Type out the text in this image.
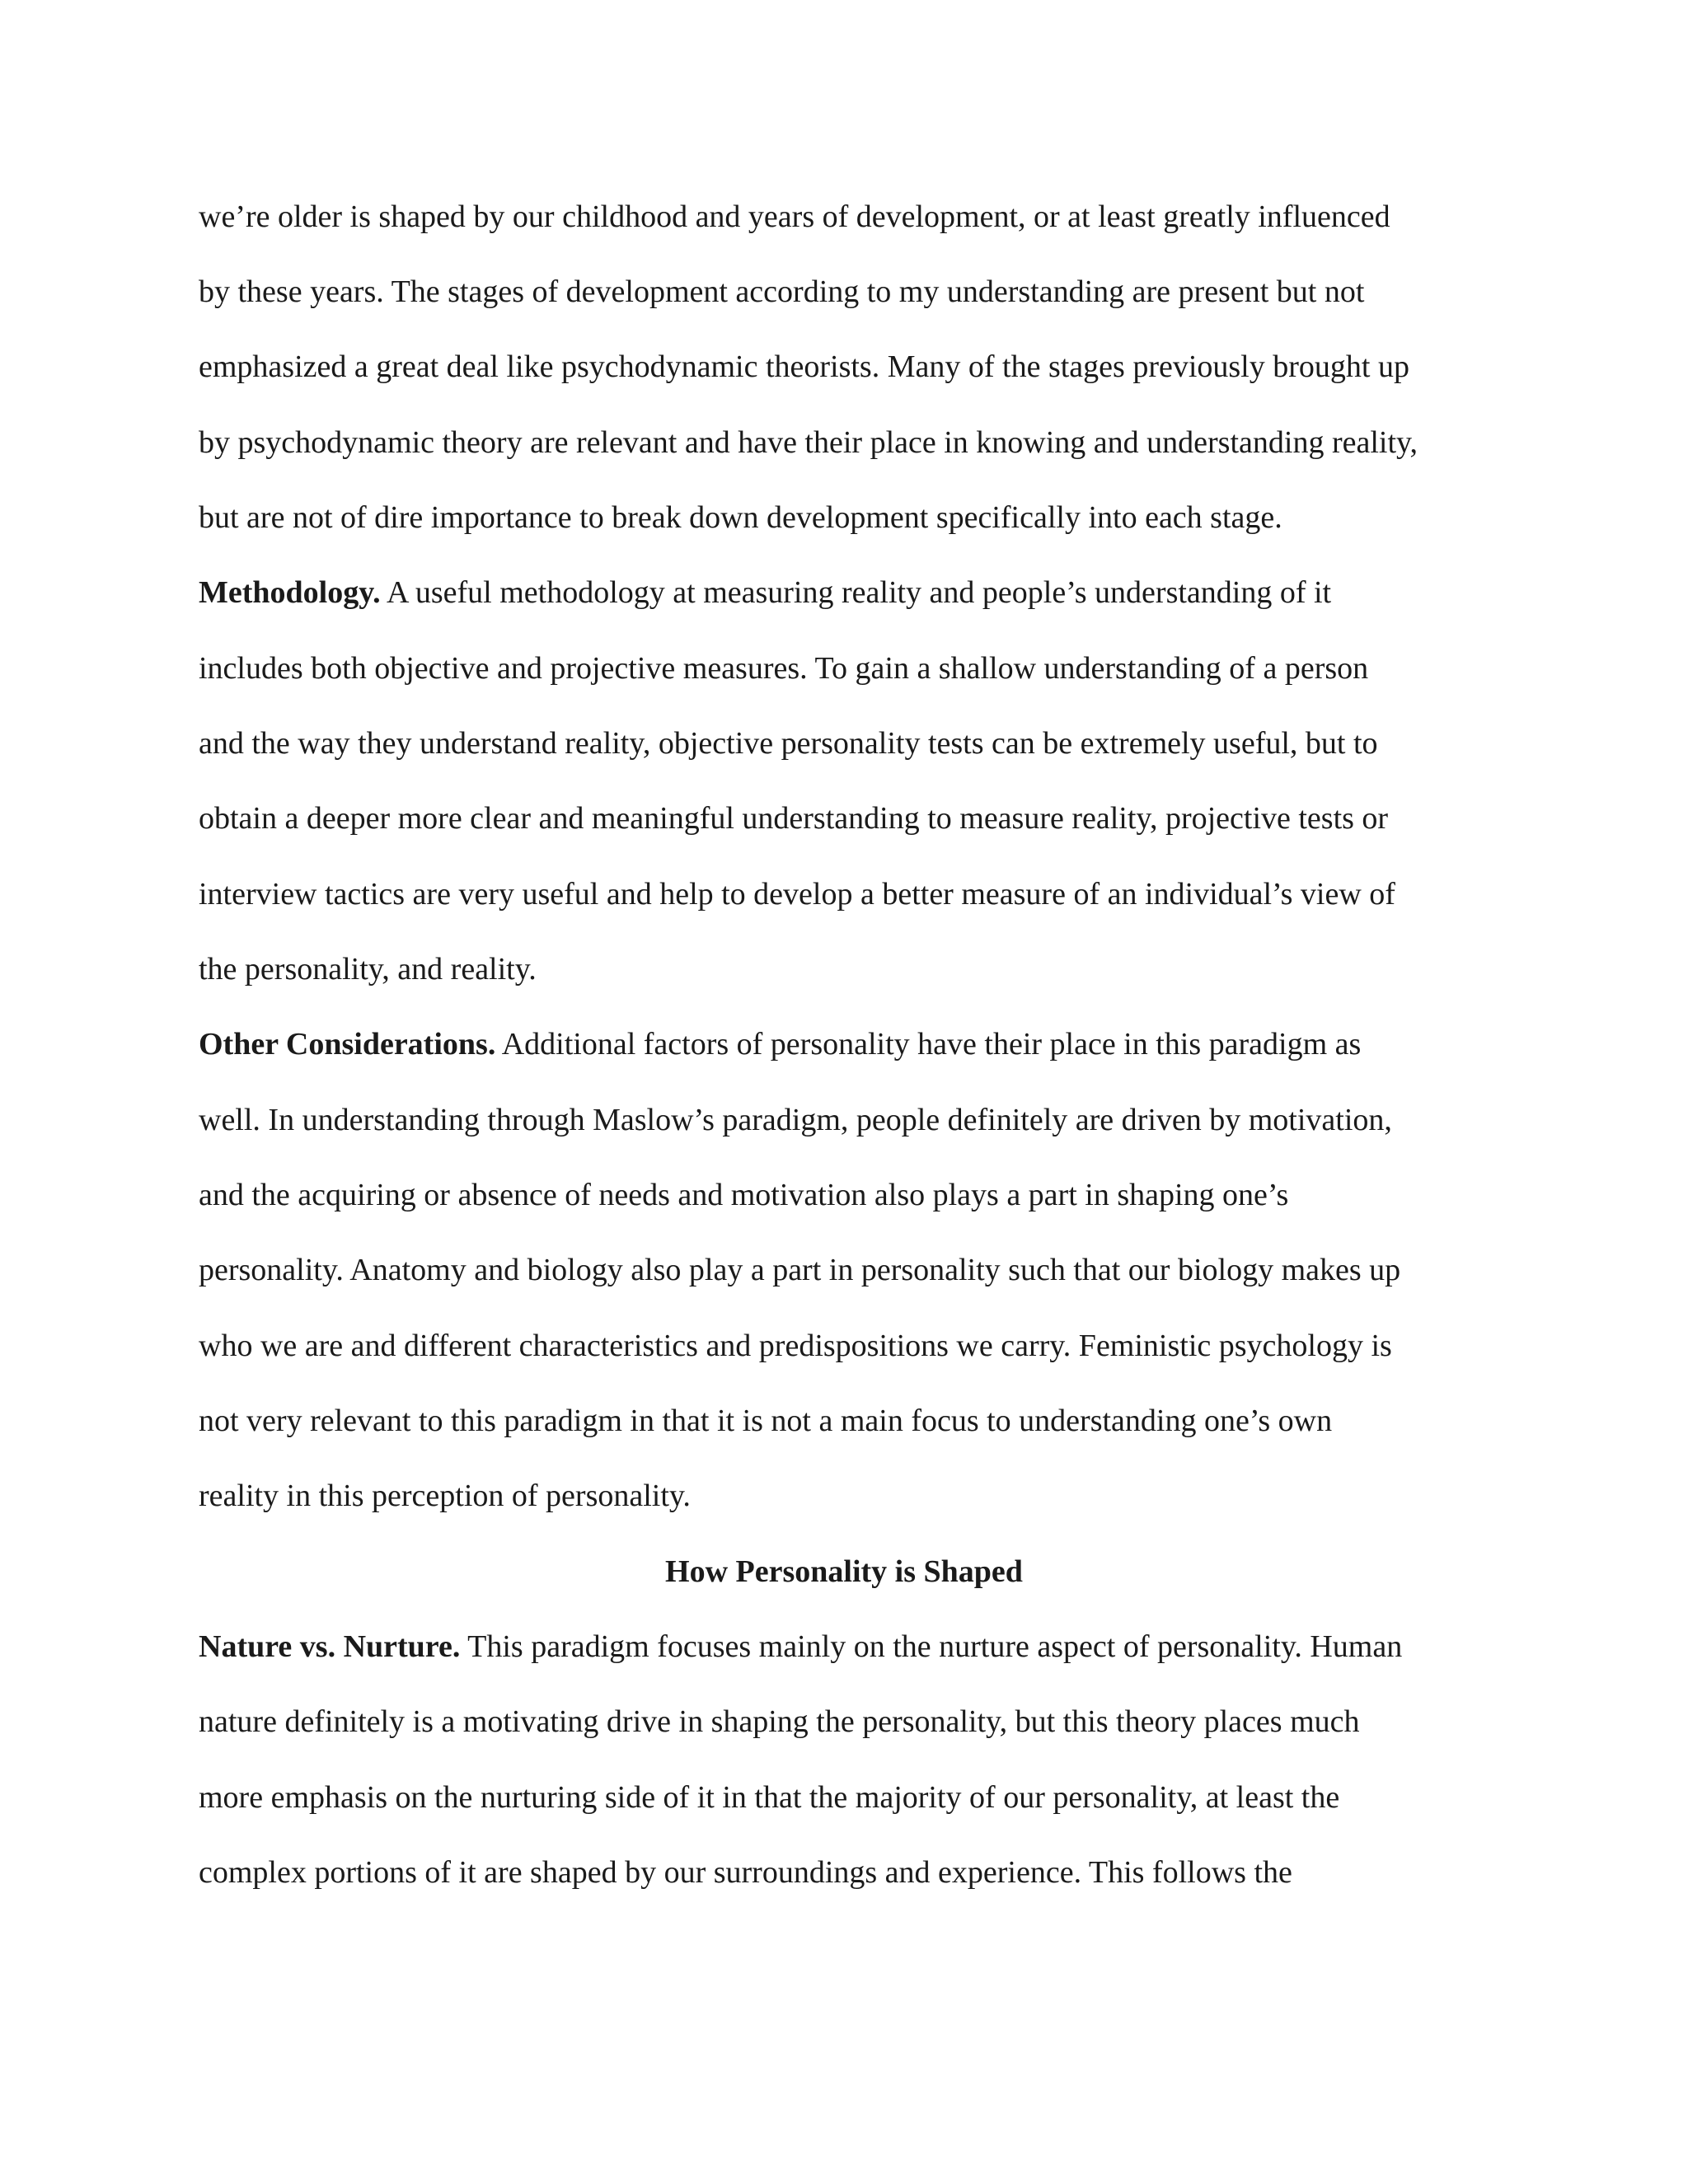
we’re older is shaped by our childhood and years of development, or at least greatly influenced

by these years. The stages of development according to my understanding are present but not

emphasized a great deal like psychodynamic theorists. Many of the stages previously brought up

by psychodynamic theory are relevant and have their place in knowing and understanding reality,

but are not of dire importance to break down development specifically into each stage.

Methodology. A useful methodology at measuring reality and people’s understanding of it

includes both objective and projective measures. To gain a shallow understanding of a person

and the way they understand reality, objective personality tests can be extremely useful, but to

obtain a deeper more clear and meaningful understanding to measure reality, projective tests or

interview tactics are very useful and help to develop a better measure of an individual’s view of

the personality, and reality.

Other Considerations. Additional factors of personality have their place in this paradigm as

well. In understanding through Maslow’s paradigm, people definitely are driven by motivation,

and the acquiring or absence of needs and motivation also plays a part in shaping one’s

personality. Anatomy and biology also play a part in personality such that our biology makes up

who we are and different characteristics and predispositions we carry. Feministic psychology is

not very relevant to this paradigm in that it is not a main focus to understanding one’s own

reality in this perception of personality.

How Personality is Shaped

Nature vs. Nurture. This paradigm focuses mainly on the nurture aspect of personality. Human

nature definitely is a motivating drive in shaping the personality, but this theory places much

more emphasis on the nurturing side of it in that the majority of our personality, at least the

complex portions of it are shaped by our surroundings and experience. This follows the
